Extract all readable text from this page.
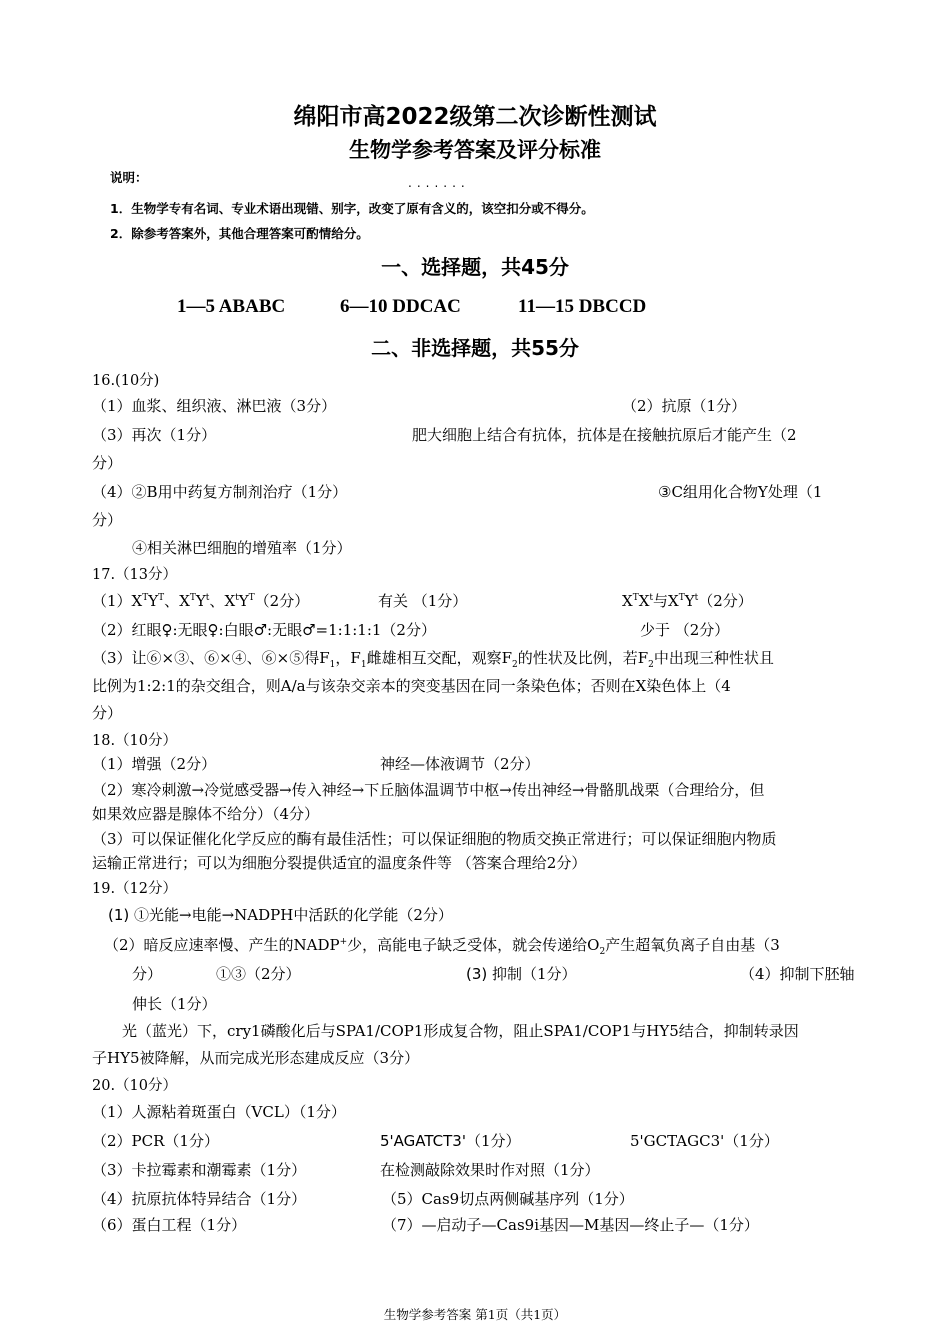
绵阳市高2022级第二次诊断性测试
生物学参考答案及评分标准
说明：	.......
1．生物学专有名词、专业术语出现错、别字，改变了原有含义的，该空扣分或不得分。
2．除参考答案外，其他合理答案可酌情给分。
一、选择题，共45分
1—5 ABABC	6—10 DDCAC	11—15 DBCCD
二、非选择题，共55分
16.(10分)
（1）血浆、组织液、淋巴液（3分）	（2）抗原（1分）
（3）再次（1分）	肥大细胞上结合有抗体，抗体是在接触抗原后才能产生（2
分）
（4）②B用中药复方制剂治疗（1分）	③C组用化合物Y处理（1
分）
④相关淋巴细胞的增殖率（1分）
17.（13分）
$(1)X^TY^T$、$X^TY^t$、$X^tY^T(2$分）	有关 （1分）	$X^TX^t$与$X^TY^t(2$分）
（2）红眼♀:无眼♀:白眼♂:无眼♂=1:1:1:1（2分）	少于 （2分）
（3）让⑥×③、⑥×④、⑥×⑤得$F_1$，$F_1$雌雄相互交配，观察$F_2$的性状及比例，若$F_2$中出现三种性状且
比例为1:2:1的杂交组合，则A/a与该杂交亲本的突变基因在同一条染色体；否则在X染色体上（4
分）
18.（10分）
（1）增强（2分）	神经—体液调节（2分）
（2）寒冷刺激→冷觉感受器→传入神经→下丘脑体温调节中枢→传出神经→骨骼肌战栗（合理给分，但
如果效应器是腺体不给分）（4分）
（3）可以保证催化化学反应的酶有最佳活性；可以保证细胞的物质交换正常进行；可以保证细胞内物质
运输正常进行；可以为细胞分裂提供适宜的温度条件等 （答案合理给2分）
19.（12分）
(1) ①光能→电能→NADPH中活跃的化学能（2分）
（2）暗反应速率慢、产生的NADP+少，高能电子缺乏受体，就会传递给$O_2$产生超氧负离子自由基（3
分）	①③（2分）	(3) 抑制（1分）	（4）抑制下胚轴
伸长（1分）
光（蓝光）下，cry1磷酸化后与SPA1/COP1形成复合物，阻止SPA1/COP1与HY5结合，抑制转录因
子HY5被降解，从而完成光形态建成反应（3分）
20.（10分）
（1）人源粘着斑蛋白（VCL）（1分）
（2）PCR（1分）	5'AGATCT3'（1分）	5'GCTAGC3'（1分）
（3）卡拉霉素和潮霉素（1分）	在检测敲除效果时作对照（1分）
（4）抗原抗体特异结合（1分）	（5）Cas9切点两侧碱基序列（1分）
（6）蛋白工程（1分）	（7）—启动子—Cas9i基因—M基因—终止子—（1分）
生物学参考答案 第1页（共1页）
